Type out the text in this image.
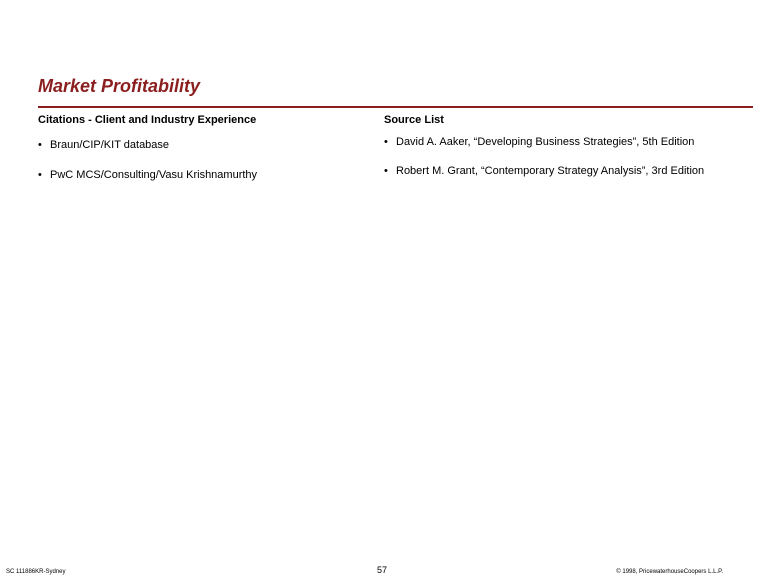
Market Profitability
Citations - Client and Industry Experience	Source List
• Braun/CIP/KIT database
• PwC MCS/Consulting/Vasu Krishnamurthy
• David A. Aaker, “Developing Business Strategies”, 5th Edition
• Robert M. Grant, “Contemporary Strategy Analysis”, 3rd Edition
SC 111886KR-Sydney	57	© 1998, PricewaterhouseCoopers L.L.P.
